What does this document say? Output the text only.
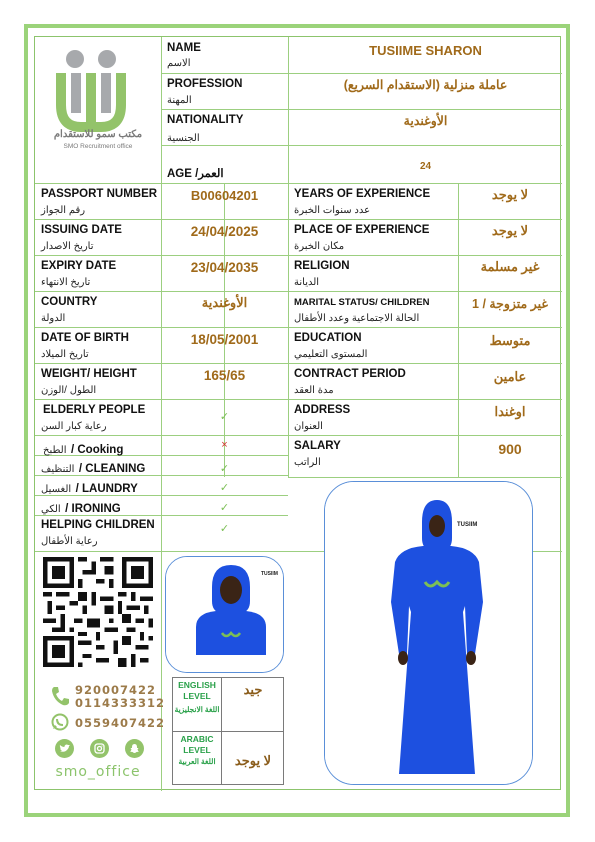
مكتب سمو للاستقدام
SMO Recruitment office
NAME
الاسم
TUSIIME SHARON
PROFESSION
المهنة
عاملة منزلية (الاستقدام السريع)
NATIONALITY
الجنسية
الأوغندية
AGE /العمر
24
PASSPORT NUMBER
رقم الجواز
B00604201
ISSUING DATE
تاريخ الاصدار
24/04/2025
EXPIRY DATE
تاريخ الانتهاء
23/04/2035
COUNTRY
الدولة
الأوغندية
DATE OF BIRTH
تاريخ الميلاد
18/05/2001
WEIGHT/ HEIGHT
الطول /الوزن
165/65
ELDERLY PEOPLE
رعاية كبار السن
✓
الطبخ / Cooking	×
التنظيف / CLEANING	✓
الغسيل / LAUNDRY	✓
الكي / IRONING	✓
HELPING CHILDREN
رعاية الأطفال
✓
YEARS OF EXPERIENCE
عدد سنوات الخبرة
لا يوجد
PLACE OF EXPERIENCE
مكان الخبرة
لا يوجد
RELIGION
الديانة
غير مسلمة
MARITAL STATUS/ CHILDREN
الحالة الاجتماعية وعدد الأطفال
غير متزوجة / 1
EDUCATION
المستوى التعليمي
متوسط
CONTRACT PERIOD
مدة العقد
عامين
ADDRESS
العنوان
اوغندا
SALARY
الراتب
900
920007422
0114333312
0559407422
smo_office
TUSIIM
ENGLISH LEVEL
اللغة الانجليزية
جيد
ARABIC LEVEL
اللغة العربية	لا يوجد
TUSIIM
